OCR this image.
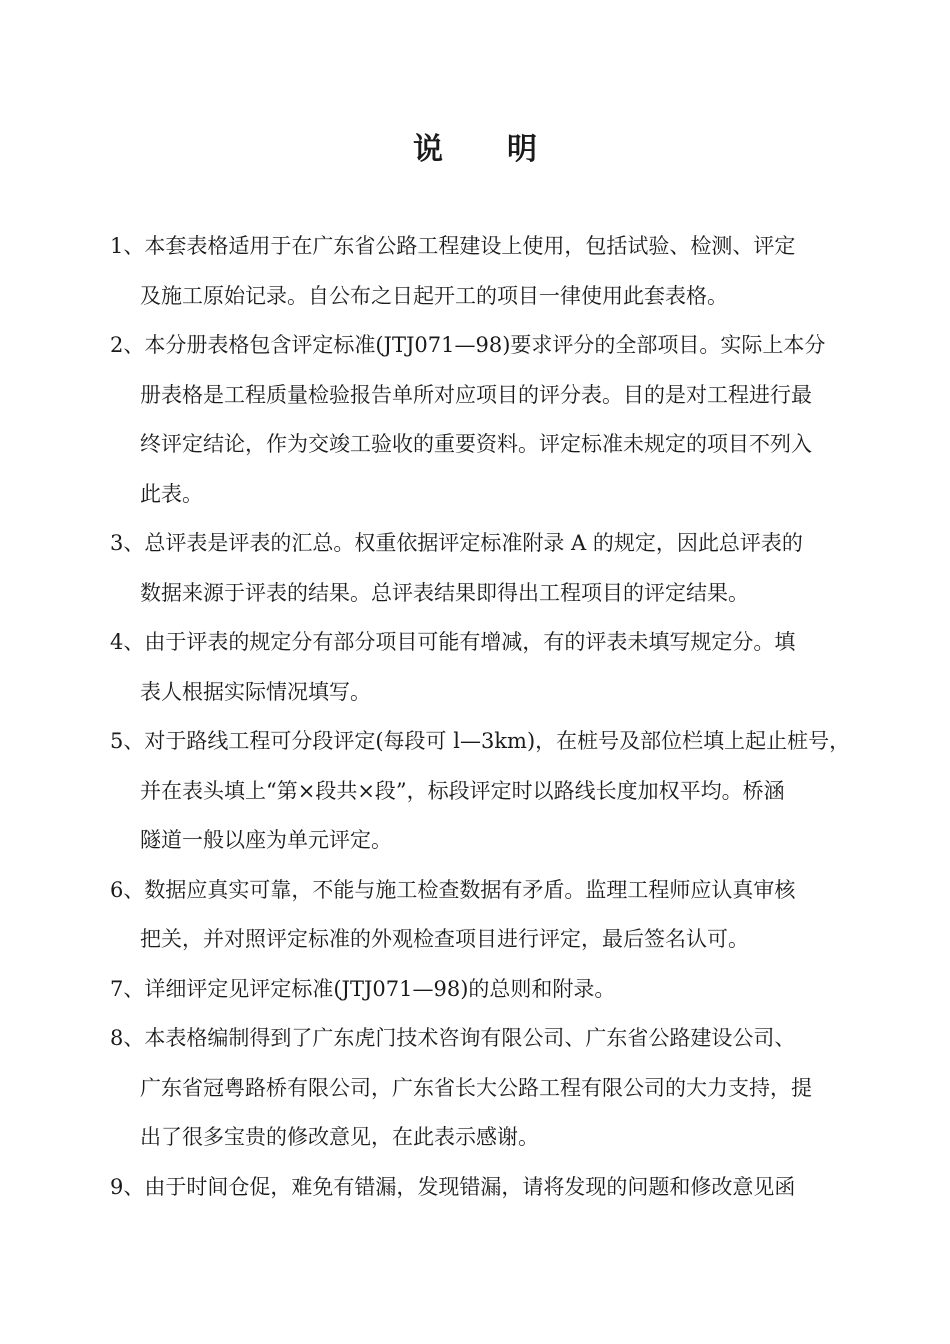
说 明
1、本套表格适用于在广东省公路工程建设上使用，包括试验、检测、评定
及施工原始记录。自公布之日起开工的项目一律使用此套表格。
2、本分册表格包含评定标准(JTJ071—98)要求评分的全部项目。实际上本分
册表格是工程质量检验报告单所对应项目的评分表。目的是对工程进行最
终评定结论，作为交竣工验收的重要资料。评定标准未规定的项目不列入
此表。
3、总评表是评表的汇总。权重依据评定标准附录 A 的规定，因此总评表的
数据来源于评表的结果。总评表结果即得出工程项目的评定结果。
4、由于评表的规定分有部分项目可能有增减，有的评表未填写规定分。填
表人根据实际情况填写。
5、对于路线工程可分段评定(每段可 l—3km)，在桩号及部位栏填上起止桩号，
并在表头填上“第×段共×段”，标段评定时以路线长度加权平均。桥涵
隧道一般以座为单元评定。
6、数据应真实可靠，不能与施工检查数据有矛盾。监理工程师应认真审核
把关，并对照评定标准的外观检查项目进行评定，最后签名认可。
7、详细评定见评定标准(JTJ071—98)的总则和附录。
8、本表格编制得到了广东虎门技术咨询有限公司、广东省公路建设公司、
广东省冠粤路桥有限公司，广东省长大公路工程有限公司的大力支持，提
出了很多宝贵的修改意见，在此表示感谢。
9、由于时间仓促，难免有错漏，发现错漏，请将发现的问题和修改意见函
